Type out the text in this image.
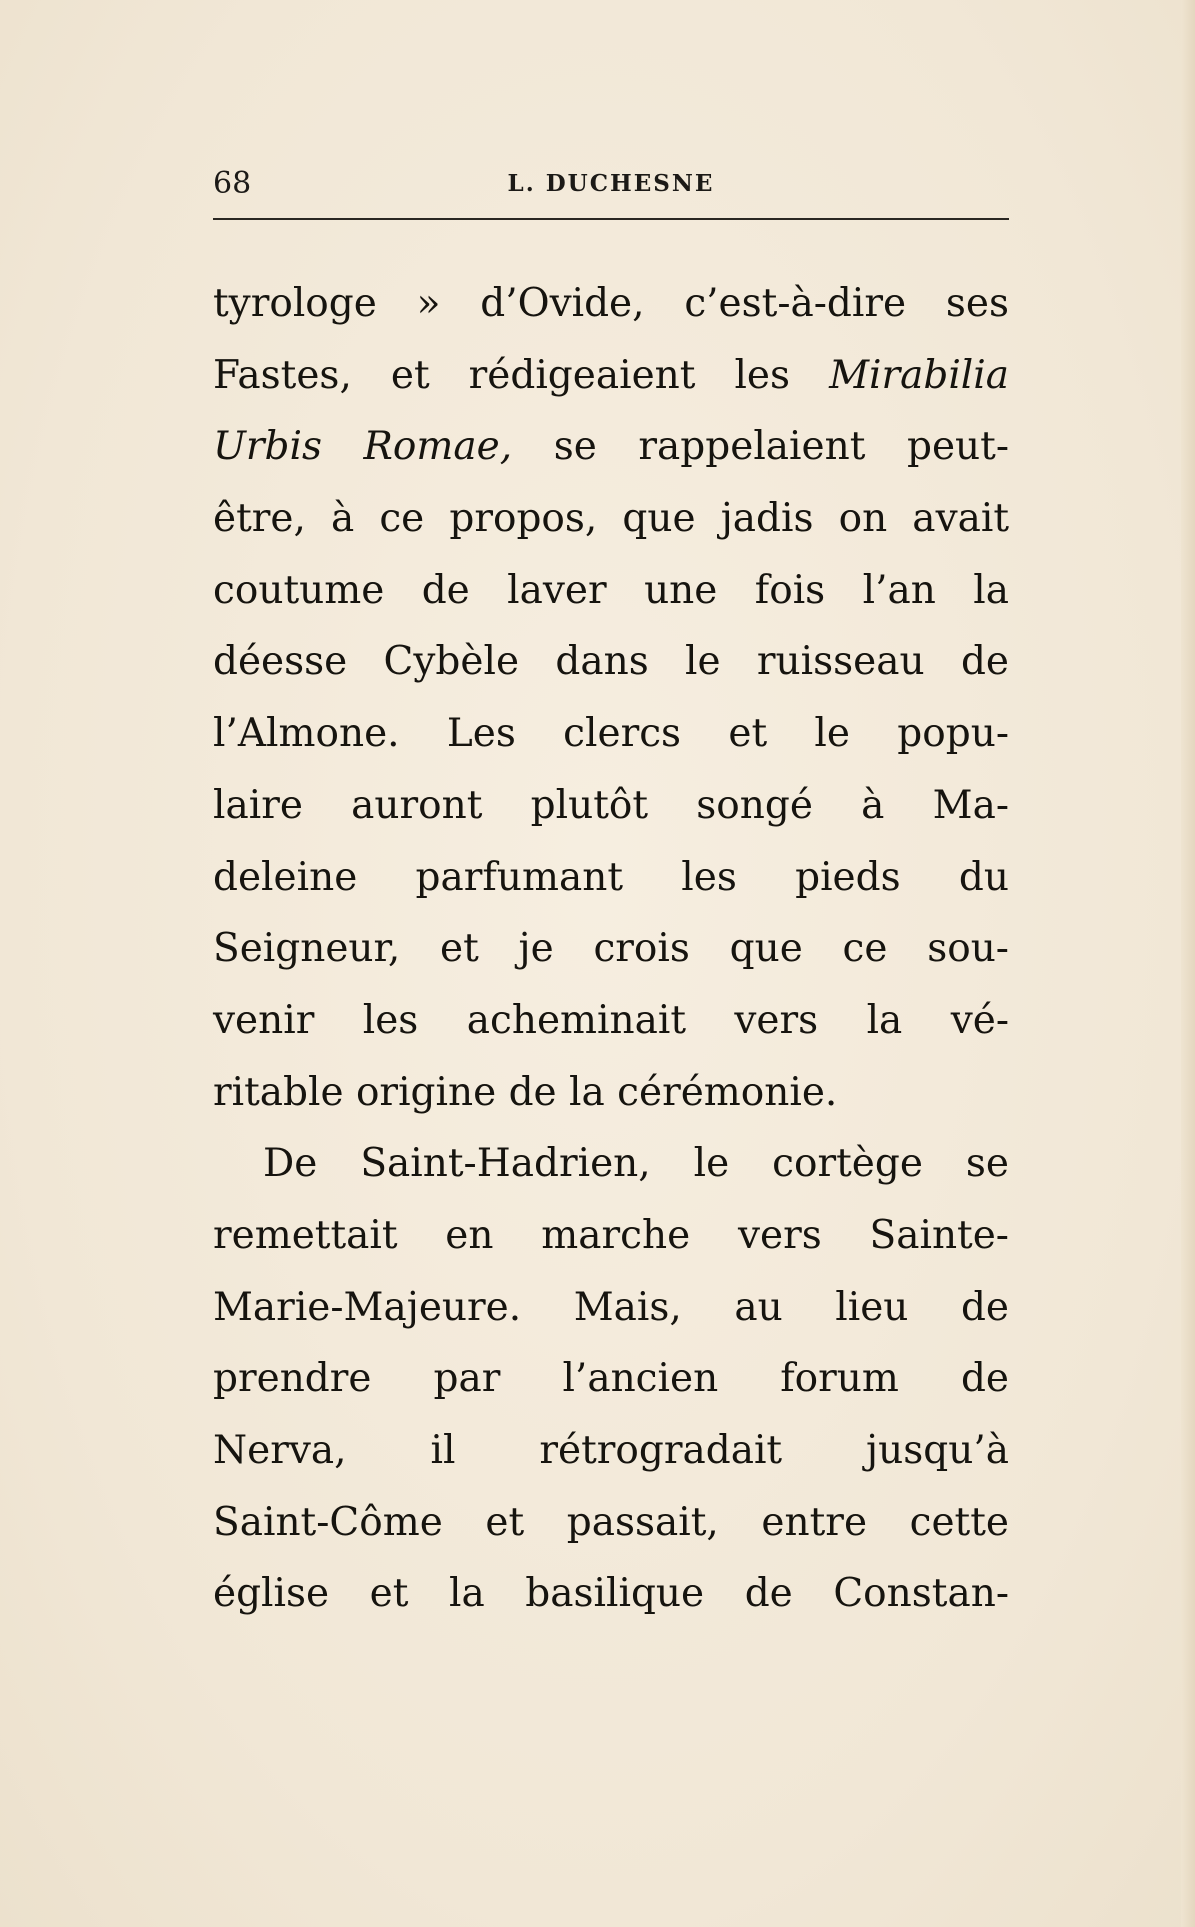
68	L. DUCHESNE
tyrologe » d’Ovide, c’est-à-dire ses
Fastes, et rédigeaient les Mirabilia
Urbis Romae, se rappelaient peut-
être, à ce propos, que jadis on avait
coutume de laver une fois l’an la
déesse Cybèle dans le ruisseau de
l’Almone. Les clercs et le popu-
laire auront plutôt songé à Ma-
deleine parfumant les pieds du
Seigneur, et je crois que ce sou-
venir les acheminait vers la vé-
ritable origine de la cérémonie.
De Saint-Hadrien, le cortège se
remettait en marche vers Sainte-
Marie-Majeure. Mais, au lieu de
prendre par l’ancien forum de
Nerva, il rétrogradait jusqu’à
Saint-Côme et passait, entre cette
église et la basilique de Constan-
